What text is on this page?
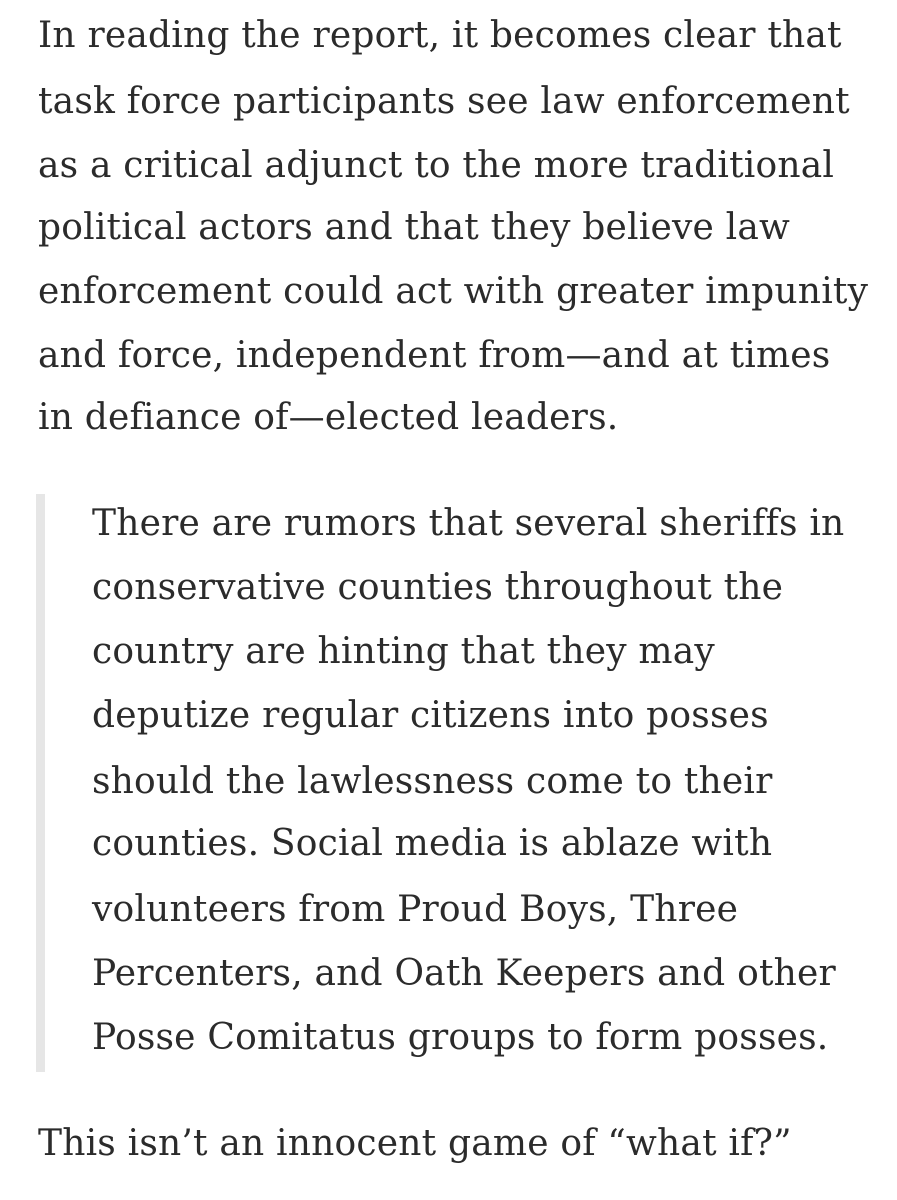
In reading the report, it becomes clear that
task force participants see law enforcement
as a critical adjunct to the more traditional
political actors and that they believe law
enforcement could act with greater impunity
and force, independent from—and at times
in defiance of—elected leaders.
There are rumors that several sheriffs in
conservative counties throughout the
country are hinting that they may
deputize regular citizens into posses
should the lawlessness come to their
counties. Social media is ablaze with
volunteers from Proud Boys, Three
Percenters, and Oath Keepers and other
Posse Comitatus groups to form posses.
This isn’t an innocent game of “what if?”
